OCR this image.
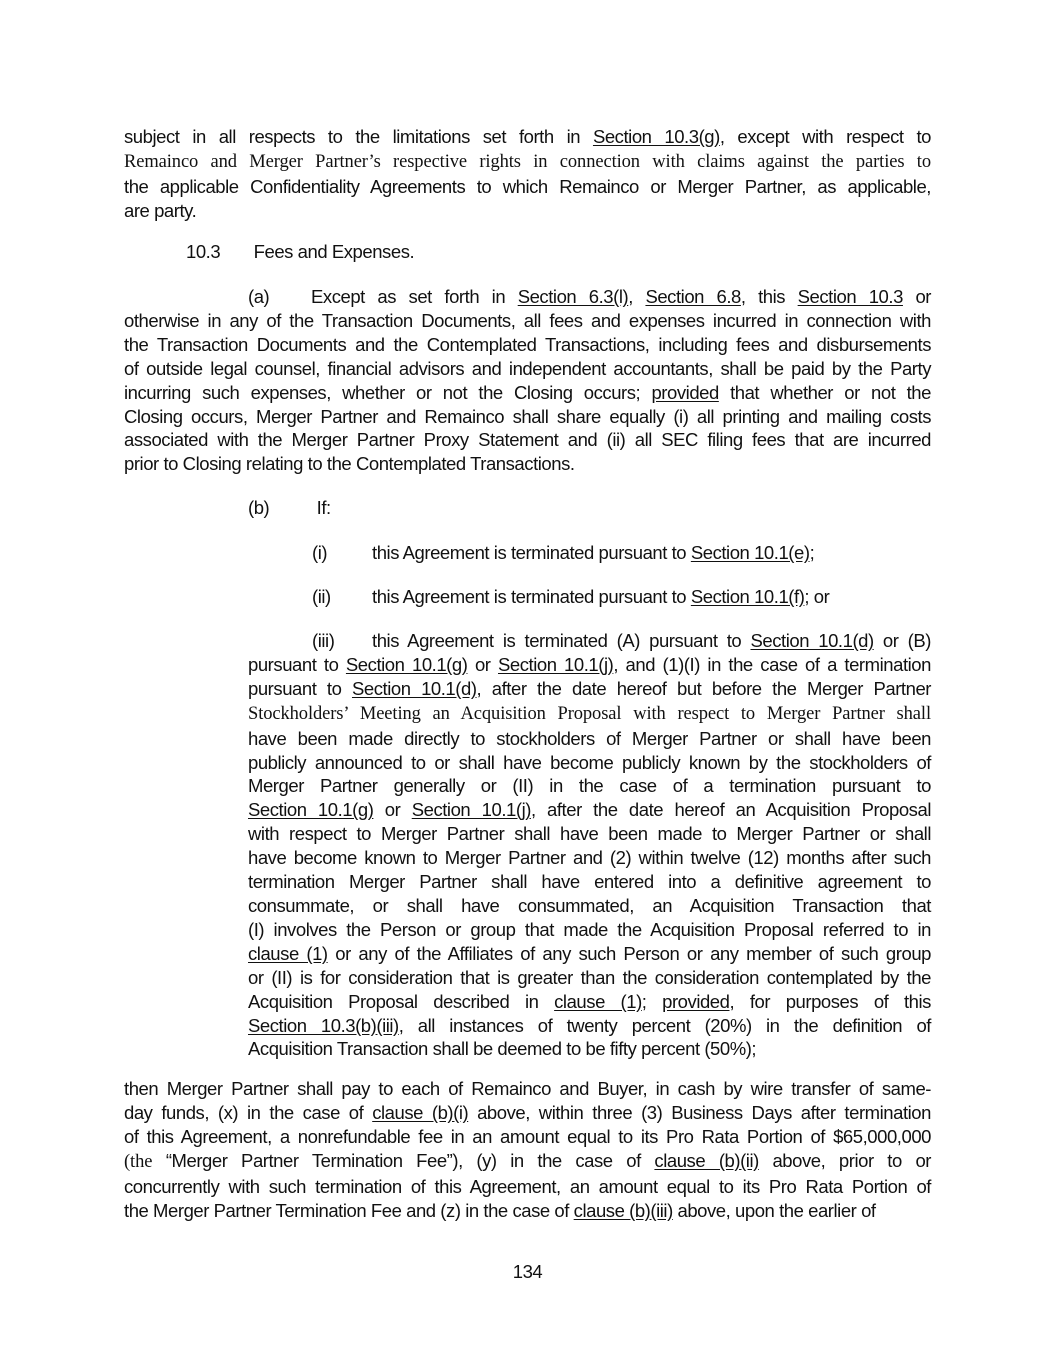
subject in all respects to the limitations set forth in Section 10.3(g), except with respect to
Remainco and Merger Partner’s respective rights in connection with claims against the parties to
the applicable Confidentiality Agreements to which Remainco or Merger Partner, as applicable,
are party.
10.3 Fees and Expenses.
(a)	Except as set forth in Section 6.3(l), Section 6.8, this Section 10.3 or
otherwise in any of the Transaction Documents, all fees and expenses incurred in connection with
the Transaction Documents and the Contemplated Transactions, including fees and disbursements
of outside legal counsel, financial advisors and independent accountants, shall be paid by the Party
incurring such expenses, whether or not the Closing occurs; provided that whether or not the
Closing occurs, Merger Partner and Remainco shall share equally (i) all printing and mailing costs
associated with the Merger Partner Proxy Statement and (ii) all SEC filing fees that are incurred
prior to Closing relating to the Contemplated Transactions.
(b)	If:
(i) this Agreement is terminated pursuant to Section 10.1(e);
(ii) this Agreement is terminated pursuant to Section 10.1(f); or
(iii)	this Agreement is terminated (A) pursuant to Section 10.1(d) or (B)
pursuant to Section 10.1(g) or Section 10.1(j), and (1)(I) in the case of a termination
pursuant to Section 10.1(d), after the date hereof but before the Merger Partner
Stockholders’ Meeting an Acquisition Proposal with respect to Merger Partner shall
have been made directly to stockholders of Merger Partner or shall have been
publicly announced to or shall have become publicly known by the stockholders of
Merger Partner generally or (II) in the case of a termination pursuant to
Section 10.1(g) or Section 10.1(j), after the date hereof an Acquisition Proposal
with respect to Merger Partner shall have been made to Merger Partner or shall
have become known to Merger Partner and (2) within twelve (12) months after such
termination Merger Partner shall have entered into a definitive agreement to
consummate, or shall have consummated, an Acquisition Transaction that
(I) involves the Person or group that made the Acquisition Proposal referred to in
clause (1) or any of the Affiliates of any such Person or any member of such group
or (II) is for consideration that is greater than the consideration contemplated by the
Acquisition Proposal described in clause (1); provided, for purposes of this
Section 10.3(b)(iii), all instances of twenty percent (20%) in the definition of
Acquisition Transaction shall be deemed to be fifty percent (50%);
then Merger Partner shall pay to each of Remainco and Buyer, in cash by wire transfer of same-
day funds, (x) in the case of clause (b)(i) above, within three (3) Business Days after termination
of this Agreement, a nonrefundable fee in an amount equal to its Pro Rata Portion of $65,000,000
(the “Merger Partner Termination Fee”), (y) in the case of clause (b)(ii) above, prior to or
concurrently with such termination of this Agreement, an amount equal to its Pro Rata Portion of
the Merger Partner Termination Fee and (z) in the case of clause (b)(iii) above, upon the earlier of
134
